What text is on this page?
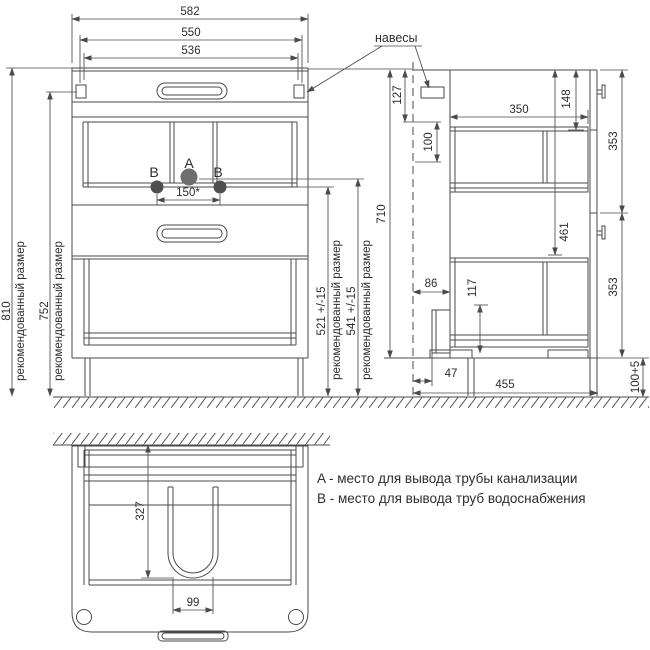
582
550
536
810 рекомендованный размер 752 рекомендованный размер
A
B	B
150*
521 +/-15 рекомендованный размер 541 +/-15 рекомендованный размер
710
навесы
127
100
350
148
461
353
353
86	117
47
455	100+5
327
99
A - место для вывода трубы канализации
B - место для вывода труб водоснабжения
